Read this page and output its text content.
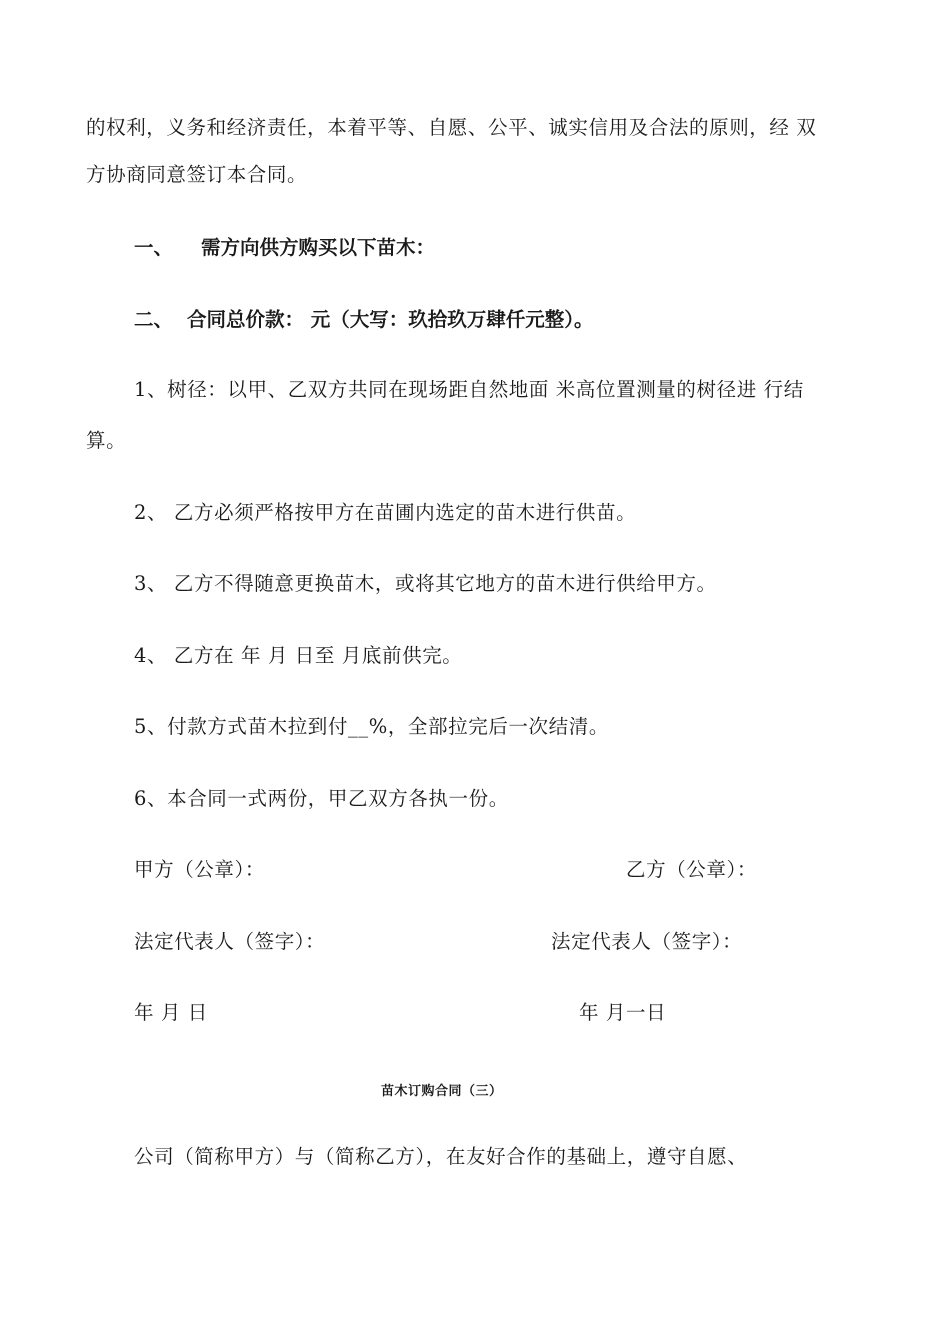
的权利，义务和经济责任，本着平等、自愿、公平、诚实信用及合法的原则，经 双
方协商同意签订本合同。
一、 需方向供方购买以下苗木：
二、 合同总价款： 元（大写：玖拾玖万肆仟元整）。
1、树径：以甲、乙双方共同在现场距自然地面 米高位置测量的树径进 行结
算。
2、 乙方必须严格按甲方在苗圃内选定的苗木进行供苗。
3、 乙方不得随意更换苗木，或将其它地方的苗木进行供给甲方。
4、 乙方在 年 月 日至 月底前供完。
5、付款方式苗木拉到付__%，全部拉完后一次结清。
6、本合同一式两份，甲乙双方各执一份。
甲方（公章）：	乙方（公章）：
法定代表人（签字）：	法定代表人（签字）：
年 月 日	年 月一日
苗木订购合同（三）
公司（简称甲方）与（简称乙方），在友好合作的基础上，遵守自愿、
